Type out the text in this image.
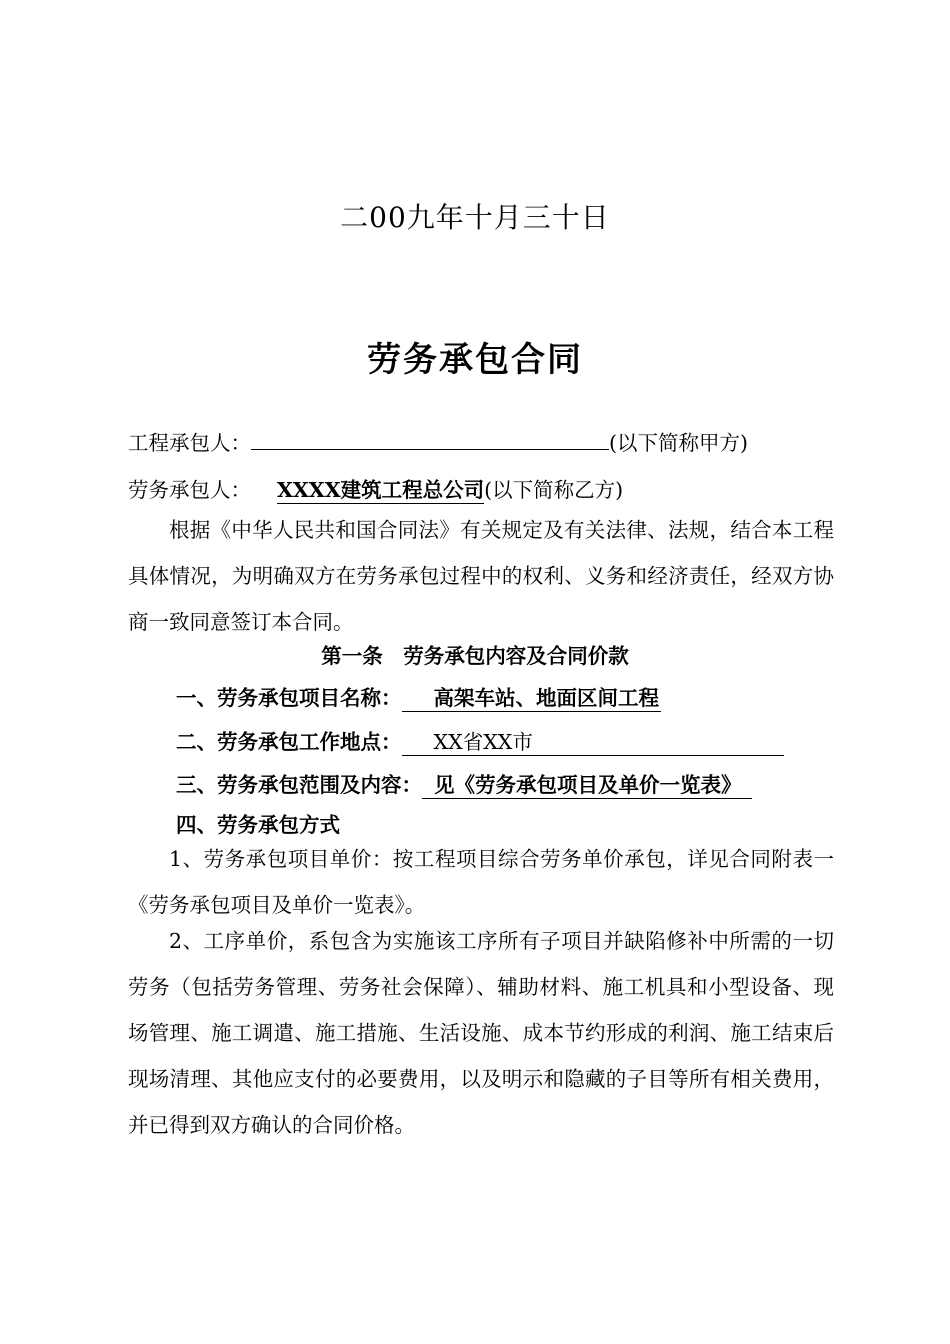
二00九年十月三十日
劳务承包合同
工程承包人：	(以下简称甲方)
劳务承包人： XXXX建筑工程总公司(以下简称乙方)
根据《中华人民共和国合同法》有关规定及有关法律、法规，结合本工程具体情况，为明确双方在劳务承包过程中的权利、义务和经济责任，经双方协商一致同意签订本合同。
第一条　劳务承包内容及合同价款
一、劳务承包项目名称： 高架车站、地面区间工程
二、劳务承包工作地点： XX省XX市
三、劳务承包范围及内容： 见《劳务承包项目及单价一览表》
四、劳务承包方式
1、劳务承包项目单价：按工程项目综合劳务单价承包，详见合同附表一《劳务承包项目及单价一览表》。
2、工序单价，系包含为实施该工序所有子项目并缺陷修补中所需的一切劳务（包括劳务管理、劳务社会保障）、辅助材料、施工机具和小型设备、现场管理、施工调遣、施工措施、生活设施、成本节约形成的利润、施工结束后现场清理、其他应支付的必要费用，以及明示和隐藏的子目等所有相关费用，并已得到双方确认的合同价格。
